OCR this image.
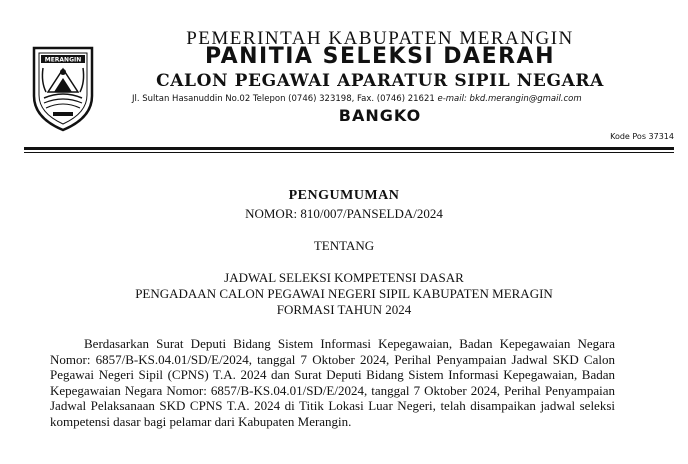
MERANGIN
PEMERINTAH KABUPATEN MERANGIN
PANITIA SELEKSI DAERAH
CALON PEGAWAI APARATUR SIPIL NEGARA
Jl. Sultan Hasanuddin No.02 Telepon (0746) 323198, Fax. (0746) 21621 e-mail: bkd.merangin@gmail.com
BANGKO
Kode Pos 37314
PENGUMUMAN
NOMOR: 810/007/PANSELDA/2024
TENTANG
JADWAL SELEKSI KOMPETENSI DASAR
PENGADAAN CALON PEGAWAI NEGERI SIPIL KABUPATEN MERAGIN
FORMASI TAHUN 2024
Berdasarkan Surat Deputi Bidang Sistem Informasi Kepegawaian, Badan Kepegawaian Negara Nomor: 6857/B-KS.04.01/SD/E/2024, tanggal 7 Oktober 2024, Perihal Penyampaian Jadwal SKD Calon Pegawai Negeri Sipil (CPNS) T.A. 2024 dan Surat Deputi Bidang Sistem Informasi Kepegawaian, Badan Kepegawaian Negara Nomor: 6857/B-KS.04.01/SD/E/2024, tanggal 7 Oktober 2024, Perihal Penyampaian Jadwal Pelaksanaan SKD CPNS T.A. 2024 di Titik Lokasi Luar Negeri, telah disampaikan jadwal seleksi kompetensi dasar bagi pelamar dari Kabupaten Merangin.
